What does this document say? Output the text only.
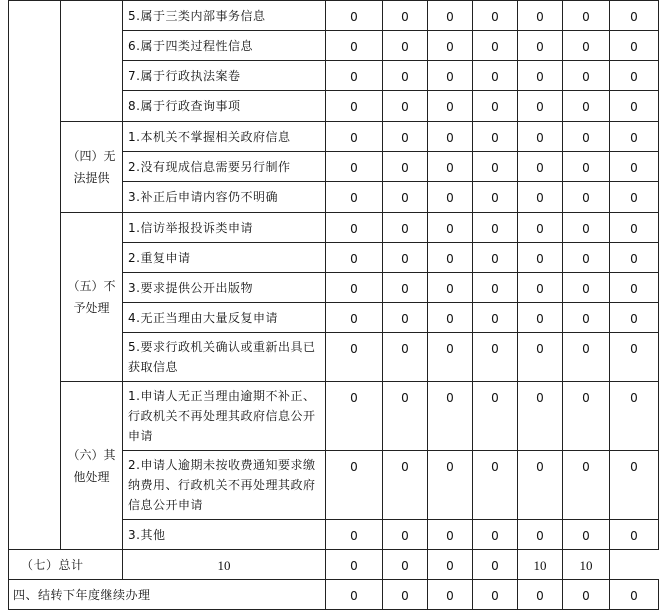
		5.属于三类内部事务信息	0	0	0	0	0	0	0
		6.属于四类过程性信息	0	0	0	0	0	0	0
		7.属于行政执法案卷	0	0	0	0	0	0	0
		8.属于行政查询事项	0	0	0	0	0	0	0
	（四）无法提供	1.本机关不掌握相关政府信息	0	0	0	0	0	0	0
		2.没有现成信息需要另行制作	0	0	0	0	0	0	0
		3.补正后申请内容仍不明确	0	0	0	0	0	0	0
	（五）不予处理	1.信访举报投诉类申请	0	0	0	0	0	0	0
		2.重复申请	0	0	0	0	0	0	0
		3.要求提供公开出版物	0	0	0	0	0	0	0
		4.无正当理由大量反复申请	0	0	0	0	0	0	0
		5.要求行政机关确认或重新出具已获取信息	0	0	0	0	0	0	0
	（六）其他处理	1.申请人无正当理由逾期不补正、行政机关不再处理其政府信息公开申请	0	0	0	0	0	0	0
		2.申请人逾期未按收费通知要求缴纳费用、行政机关不再处理其政府信息公开申请	0	0	0	0	0	0	0
		3.其他	0	0	0	0	0	0	0
（七）总计		10	0	0	0	0	10	10	
四、结转下年度继续办理			0	0	0	0	0	0	0
